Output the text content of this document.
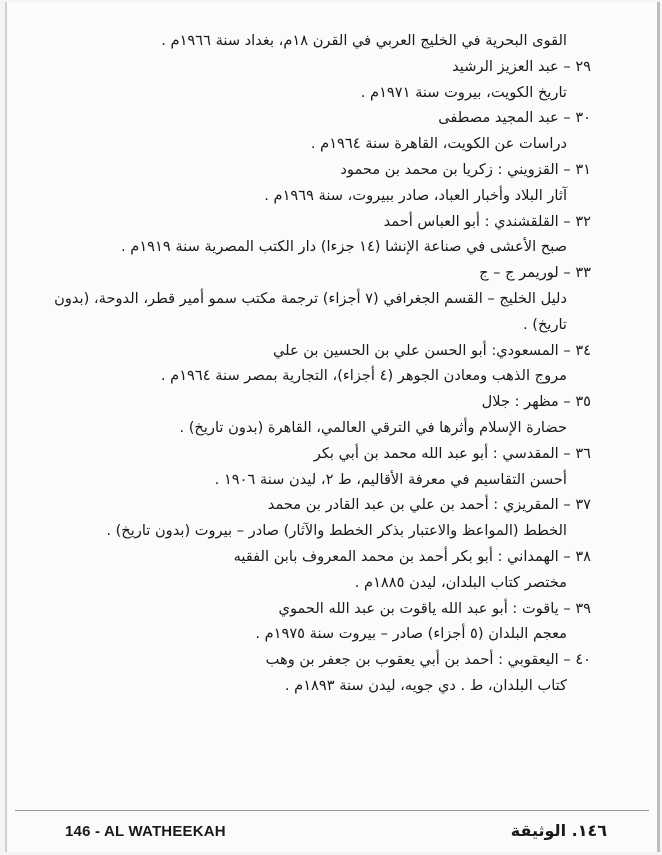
القوى البحرية في الخليج العربي في القرن ١٨م، بغداد سنة ١٩٦٦م .
٢٩ – عبد العزيز الرشيد
تاريخ الكويت، بيروت سنة ١٩٧١م .
٣٠ – عبد المجيد مصطفى
دراسات عن الكويت، القاهرة سنة ١٩٦٤م .
٣١ – القزويني : زكريا بن محمد بن محمود
آثار البلاد وأخبار العباد، صادر ببيروت، سنة ١٩٦٩م .
٣٢ – القلقشندي : أبو العباس أحمد
صبح الأعشى في صناعة الإنشا (١٤ جزءا) دار الكتب المصرية سنة ١٩١٩م .
٣٣ – لوريمر ج – ج
دليل الخليج – القسم الجغرافي (٧ أجزاء) ترجمة مكتب سمو أمير قطر، الدوحة، (بدون تاريخ) .
٣٤ – المسعودي: أبو الحسن علي بن الحسين بن علي
مروج الذهب ومعادن الجوهر (٤ أجزاء)، التجارية بمصر سنة ١٩٦٤م .
٣٥ – مظهر : جلال
حضارة الإسلام وأثرها في الترقي العالمي، القاهرة (بدون تاريخ) .
٣٦ – المقدسي : أبو عبد الله محمد بن أبي بكر
أحسن التقاسيم في معرفة الأقاليم، ط ٢، ليدن سنة ١٩٠٦ .
٣٧ – المقريزي : أحمد بن علي بن عبد القادر بن محمد
الخطط (المواعظ والاعتبار بذكر الخطط والآثار) صادر – بيروت (بدون تاريخ) .
٣٨ – الهمداني : أبو بكر أحمد بن محمد المعروف بابن الفقيه
مختصر كتاب البلدان، ليدن ١٨٨٥م .
٣٩ – ياقوت : أبو عبد الله ياقوت بن عبد الله الحموي
معجم البلدان (٥ أجزاء) صادر – بيروت سنة ١٩٧٥م .
٤٠ – اليعقوبي : أحمد بن أبي يعقوب بن جعفر بن وهب
كتاب البلدان، ط . دي جويه، ليدن سنة ١٨٩٣م .
146 - AL WATHEEKAH	١٤٦. الوثيقة
